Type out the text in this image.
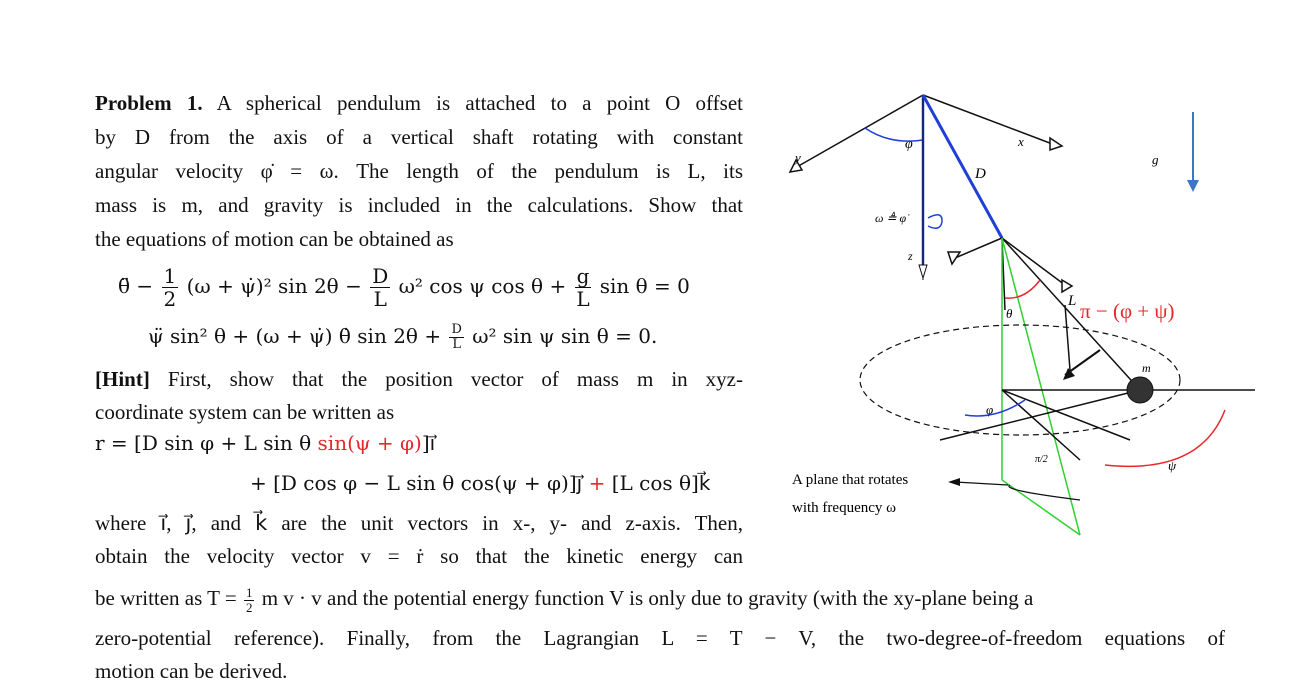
Problem 1. A spherical pendulum is attached to a point O offset
by D from the axis of a vertical shaft rotating with constant
angular velocity φ̇ = ω. The length of the pendulum is L, its
mass is m, and gravity is included in the calculations. Show that
the equations of motion can be obtained as
θ̈ − $\frac{1}{2} (\omega$ + ψ̇)² $\sin 2\theta - \frac{D}{L} \omega^2$ cos ψ $\cos \theta + \frac{g}{L}$ sin θ = 0
ψ̈ sin² θ + (ω + ψ̇) θ̇ $\sin 2\theta + \frac{D}{L} \omega^2$ sin ψ sin θ = 0.
[Hint] First, show that the position vector of mass m in xyz-
coordinate system can be written as
r = [D sin φ + L sin θ sin(ψ + φ)]ı⃗
+ [D cos φ − L sin θ cos(ψ + φ)]ȷ⃗ + [L cos θ]k⃗
where ı⃗, ȷ⃗, and k⃗ are the unit vectors in x-, y- and z-axis. Then,
obtain the velocity vector v = ṙ so that the kinetic energy can
be written as $T = \frac{1}{2}$ m v · v and the potential energy function V is only due to gravity (with the xy-plane being a
zero-potential reference). Finally, from the Lagrangian L = T − V, the two-degree-of-freedom equations of
motion can be derived.
φ	x
y
D
g
ω ≜ φ̇
z
θ
L π − (φ + ψ)
m
φ
π/2	ψ
A plane that rotates
with frequency ω
